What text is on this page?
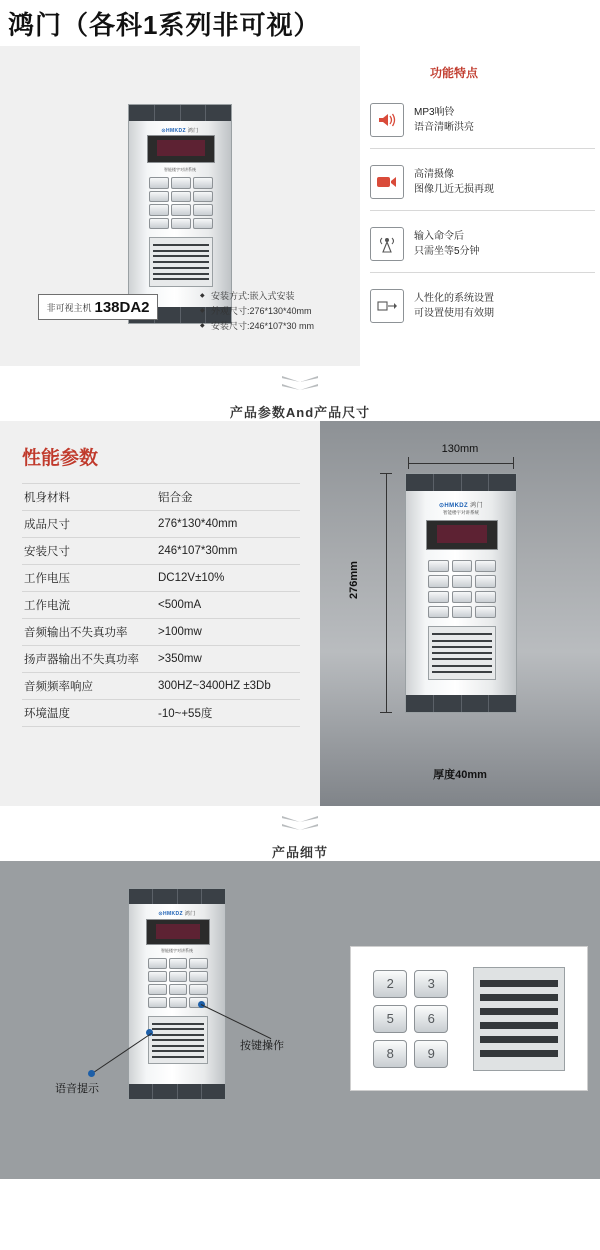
鸿门（各科1系列非可视）
⊙HMKDZ 鸿门
智能楼宇对讲系统
非可视主机 138DA2
◆ 安装方式:嵌入式安装
◆ 外观尺寸:276*130*40mm
◆ 安装尺寸:246*107*30 mm
功能特点
MP3响铃
语音清晰洪亮
高清摄像
图像几近无损再现
输入命令后
只需坐等5分钟
人性化的系统设置
可设置使用有效期
产品参数And产品尺寸
性能参数
机身材料	铝合金
成品尺寸	276*130*40mm
安装尺寸	246*107*30mm
工作电压	DC12V±10%
工作电流	<500mA
音频输出不失真功率	>100mw
扬声器输出不失真功率	>350mw
音频频率响应	300HZ~3400HZ ±3Db
环境温度	-10~+55度
130mm
276mm
⊙HMKDZ 鸿门
智能楼宇对讲系统
厚度40mm
产品细节
⊙HMKDZ 鸿门
智能楼宇对讲系统
按键操作
语音提示
2	3
5	6
8	9
